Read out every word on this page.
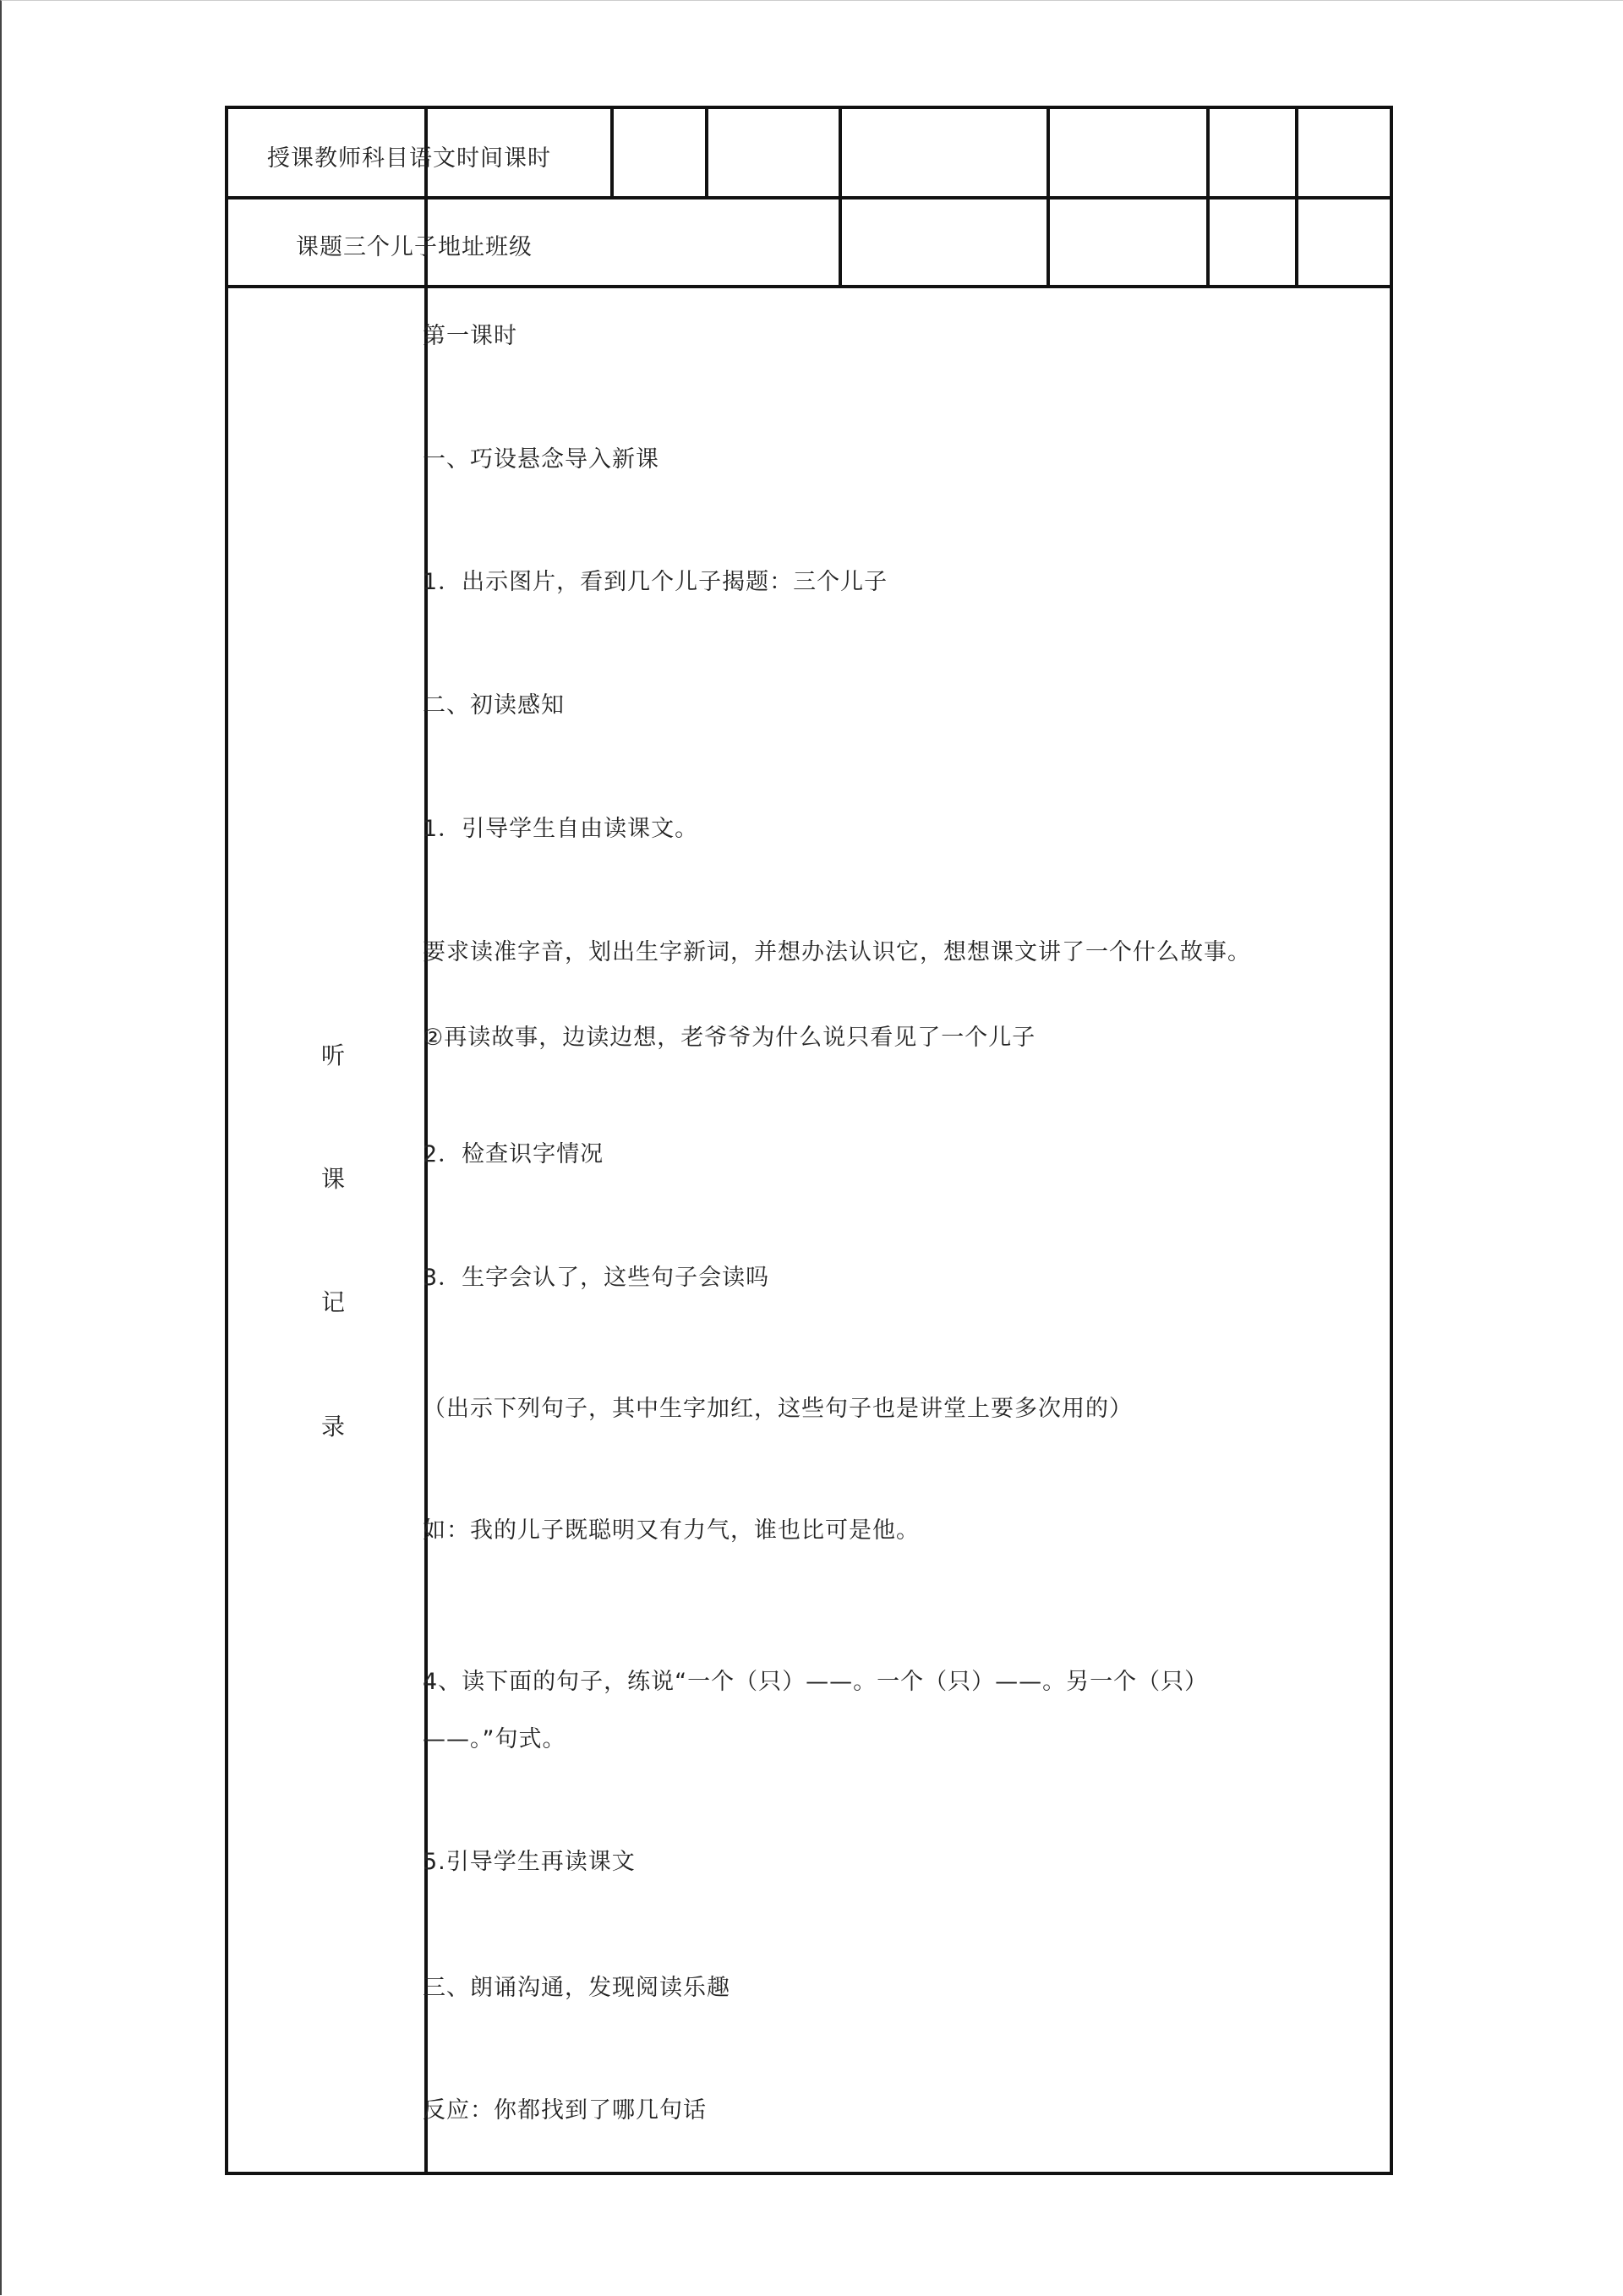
授课教师科目语文时间课时
课题三个儿子地址班级
听
课
记
录
第一课时
一、巧设悬念导入新课
1．出示图片，看到几个儿子揭题：三个儿子
二、初读感知
1．引导学生自由读课文。
要求读准字音，划出生字新词，并想办法认识它，想想课文讲了一个什么故事。
②再读故事，边读边想，老爷爷为什么说只看见了一个儿子
2．检查识字情况
3．生字会认了，这些句子会读吗
（出示下列句子，其中生字加红，这些句子也是讲堂上要多次用的）
如：我的儿子既聪明又有力气，谁也比可是他。
4、读下面的句子，练说“一个（只）——。一个（只）——。另一个（只）
——。”句式。
5.引导学生再读课文
三、朗诵沟通，发现阅读乐趣
反应：你都找到了哪几句话
